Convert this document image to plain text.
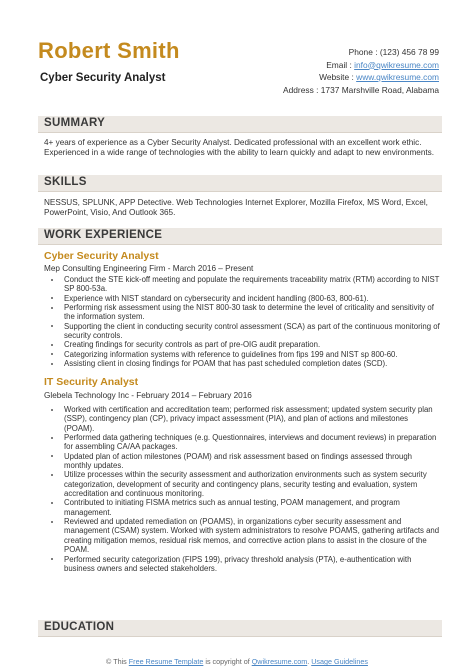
Robert Smith
Cyber Security Analyst
Phone : (123) 456 78 99
Email : info@qwikresume.com
Website : www.qwikresume.com
Address : 1737 Marshville Road, Alabama
SUMMARY
4+ years of experience as a Cyber Security Analyst. Dedicated professional with an excellent work ethic. Experienced in a wide range of technologies with the ability to learn quickly and adapt to new environments.
SKILLS
NESSUS, SPLUNK, APP Detective. Web Technologies Internet Explorer, Mozilla Firefox, MS Word, Excel, PowerPoint, Visio, And Outlook 365.
WORK EXPERIENCE
Cyber Security Analyst
Mep Consulting Engineering Firm - March 2016 – Present
Conduct the STE kick-off meeting and populate the requirements traceability matrix (RTM) according to NIST SP 800-53a.
Experience with NIST standard on cybersecurity and incident handling (800-63, 800-61).
Performing risk assessment using the NIST 800-30 task to determine the level of criticality and sensitivity of the information system.
Supporting the client in conducting security control assessment (SCA) as part of the continuous monitoring of security controls.
Creating findings for security controls as part of pre-OIG audit preparation.
Categorizing information systems with reference to guidelines from fips 199 and NIST sp 800-60.
Assisting client in closing findings for POAM that has past scheduled completion dates (SCD).
IT Security Analyst
Glebela Technology Inc - February 2014 – February 2016
Worked with certification and accreditation team; performed risk assessment; updated system security plan (SSP), contingency plan (CP), privacy impact assessment (PIA), and plan of actions and milestones (POAM).
Performed data gathering techniques (e.g. Questionnaires, interviews and document reviews) in preparation for assembling CA/AA packages.
Updated plan of action milestones (POAM) and risk assessment based on findings assessed through monthly updates.
Utilize processes within the security assessment and authorization environments such as system security categorization, development of security and contingency plans, security testing and evaluation, system accreditation and continuous monitoring.
Contributed to initiating FISMA metrics such as annual testing, POAM management, and program management.
Reviewed and updated remediation on (POAMS), in organizations cyber security assessment and management (CSAM) system. Worked with system administrators to resolve POAMS, gathering artifacts and creating mitigation memos, residual risk memos, and corrective action plans to assist in the closure of the POAM.
Performed security categorization (FIPS 199), privacy threshold analysis (PTA), e-authentication with business owners and selected stakeholders.
EDUCATION
© This Free Resume Template is copyright of Qwikresume.com. Usage Guidelines
